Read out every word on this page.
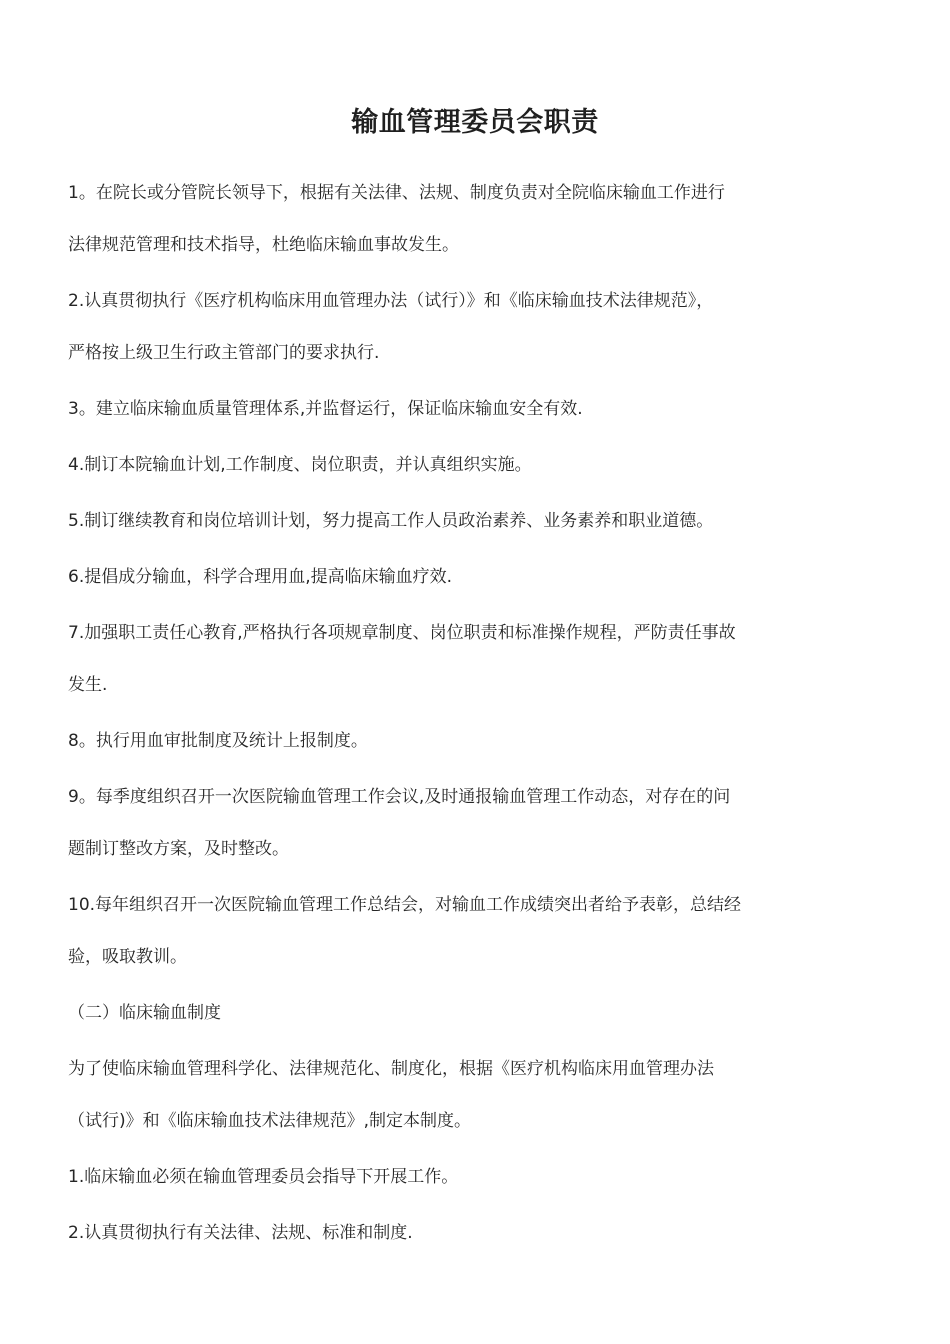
输血管理委员会职责
1。在院长或分管院长领导下，根据有关法律、法规、制度负责对全院临床输血工作进行
法律规范管理和技术指导，杜绝临床输血事故发生。
2.认真贯彻执行《医疗机构临床用血管理办法（试行）》和《临床输血技术法律规范》，
严格按上级卫生行政主管部门的要求执行.
3。建立临床输血质量管理体系,并监督运行，保证临床输血安全有效.
4.制订本院输血计划,工作制度、岗位职责，并认真组织实施。
5.制订继续教育和岗位培训计划，努力提高工作人员政治素养、业务素养和职业道德。
6.提倡成分输血，科学合理用血,提高临床输血疗效.
7.加强职工责任心教育,严格执行各项规章制度、岗位职责和标准操作规程，严防责任事故
发生.
8。执行用血审批制度及统计上报制度。
9。每季度组织召开一次医院输血管理工作会议,及时通报输血管理工作动态，对存在的问
题制订整改方案，及时整改。
10.每年组织召开一次医院输血管理工作总结会，对输血工作成绩突出者给予表彰，总结经
验，吸取教训。
（二）临床输血制度
为了使临床输血管理科学化、法律规范化、制度化，根据《医疗机构临床用血管理办法
（试行)》和《临床输血技术法律规范》,制定本制度。
1.临床输血必须在输血管理委员会指导下开展工作。
2.认真贯彻执行有关法律、法规、标准和制度.
